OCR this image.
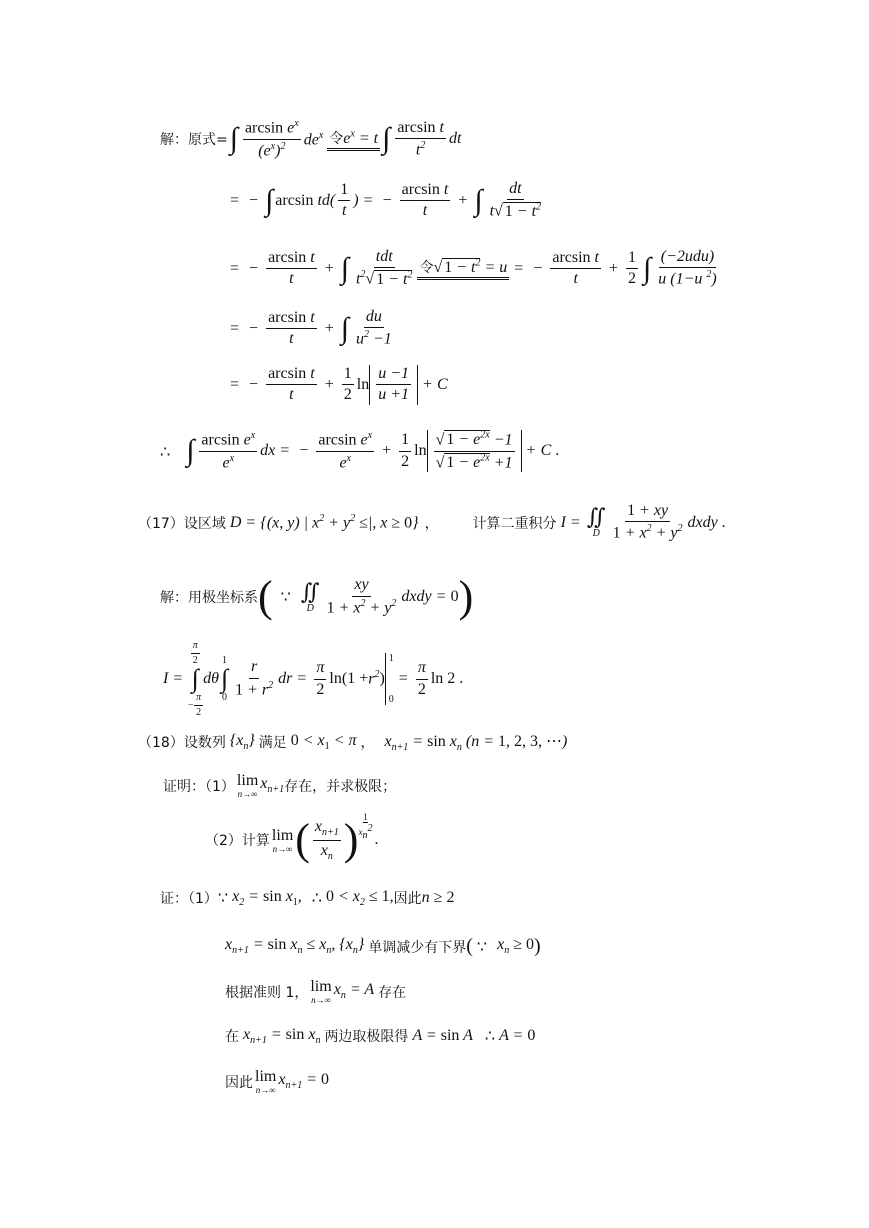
解：原式= ∫ $\frac{\arcsin e^x}{(e^x)^2} de^x$ 令$e^x = t$ ∫ $\frac{\text{arcsin t}}{t^2}$ dt
= − ∫ $\arcsin td( \frac{1}{t}$ ) = − $\frac{\text{arcsin t}}{t}$ + ∫ $\frac{dt}{t√ 1 - t^2}$
= − $\frac{\text{arcsin t}}{t}$ + ∫ $\frac{\text{tdt}}{t^2√ 1 - t^2}$ 令√ $1 - t^2 = u$ = − $\frac{\text{arcsin t}}{t} + \frac{1}{2}$ ∫ $\frac{\text{(−2udu)}}{u (1-u ^2)}$
= − $\frac{\text{arcsin t}}{t}$ + ∫ $\frac{du}{u^2 -1}$
= − $\frac{\text{arcsin t}}{t} + \frac{1}{2}$ $\ln \frac{u -1}{u +1} + C$
∴ ∫ $\frac{\arcsin e^x}{e^x}$ dx = − $\frac{\arcsin e^x}{e^x} + \frac{1}{2}$ $\ln \frac{√ 1 - e^{2x} -1}{√ 1 - e^{2x} +1} + C$ .
（17）设区域 D = {(x, y) | $x^2 + y^2$ ≤|, x ≥ 0} ， 计算二重积分 I = ∬
D $\frac{1 + xy}{1 + x^2 + y^2}$ dxdy .
解：用极坐标系 ( ∵ ∬
D $\frac{xy}{1 + x^2 + y^2}$ dxdy = 0 )
I =
$\frac{\pi}{2}$
∫
− $\frac{\pi}{2}$
dθ
1
∫
$0 \frac{r}{1 + r^2}$ dr = $\frac{\pi}{2} \ln(1 + r^2$ )
1
0
= $\frac{\pi}{2}$ ln 2 .
（18）设数列 $\{x_n\}$ 满足 $0 < x_1 < \pi$ ， $x_{n+1} = \sin x_n$ (n = 1, 2, 3, ⋯)
证明：（1） lim
n→∞
$x_{n+1}$ 存在，并求极限；
（2）计算 lim
n→∞ ( $\frac{x_{n+1}}{x_n}$ ) 1
$x_n^2$
.
证：（1） ∵ $x_2 = \sin x_1$, ∴ $0 < x_2 \le 1$, 因此 n ≥ 2
$x_{n+1} = \sin x_n \le x_n$, $\{x_n\}$ 单调减少有下界 ( ∵ $x_n \ge 0$ )
根据准则 1， lim
n→∞
$x_n = A$ 存在
在 $x_{n+1} = \sin x_n$ 两边取极限得 A = sin A ∴ A = 0
因此 lim
n→∞
$x_{n+1} = 0$
